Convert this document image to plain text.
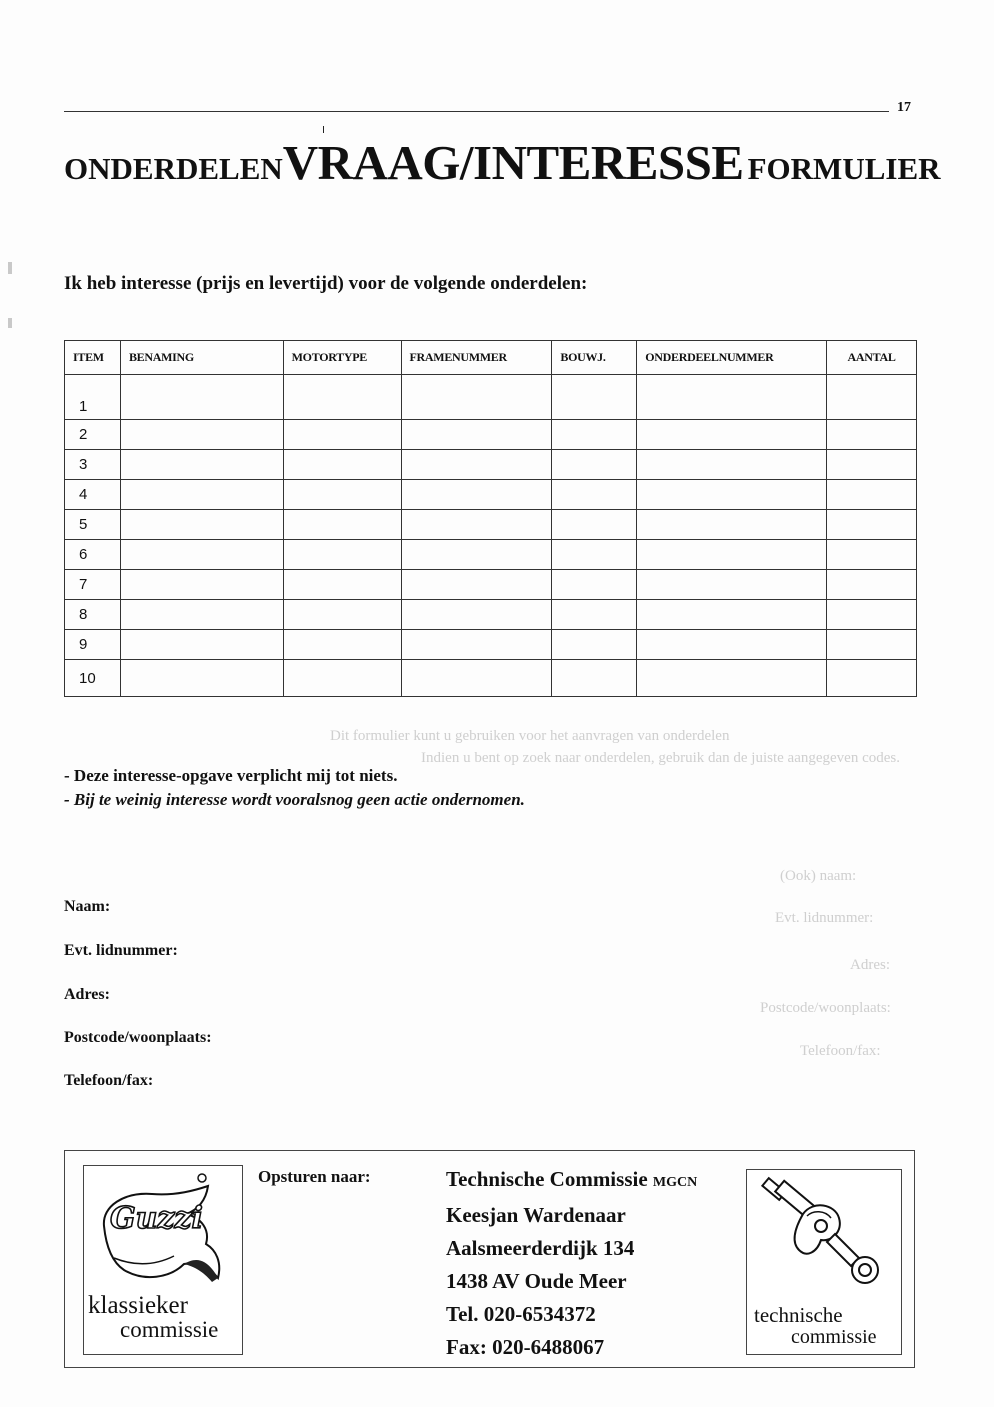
Dit formulier kunt u gebruiken voor het aanvragen van onderdelen
Indien u bent op zoek naar onderdelen, gebruik dan de juiste aangegeven codes.
(Ook) naam:
Evt. lidnummer:
Adres:
Postcode/woonplaats:
Telefoon/fax:
17
ONDERDELENVRAAG/INTERESSE FORMULIER
Ik heb interesse (prijs en levertijd) voor de volgende onderdelen:
ITEM	BENAMING	MOTORTYPE	FRAMENUMMER	BOUWJ.	ONDERDEELNUMMER	AANTAL
1						
2						
3						
4						
5						
6						
7						
8						
9						
10						
- Deze interesse-opgave verplicht mij tot niets.
- Bij te weinig interesse wordt vooralsnog geen actie ondernomen.
Naam:
Evt. lidnummer:
Adres:
Postcode/woonplaats:
Telefoon/fax:
Guzzi
klassieker
commissie
Opsturen naar:	Technische Commissie MGCN
Keesjan Wardenaar
Aalsmeerderdijk 134
1438 AV Oude Meer
Tel. 020-6534372
Fax: 020-6488067
technische
commissie
